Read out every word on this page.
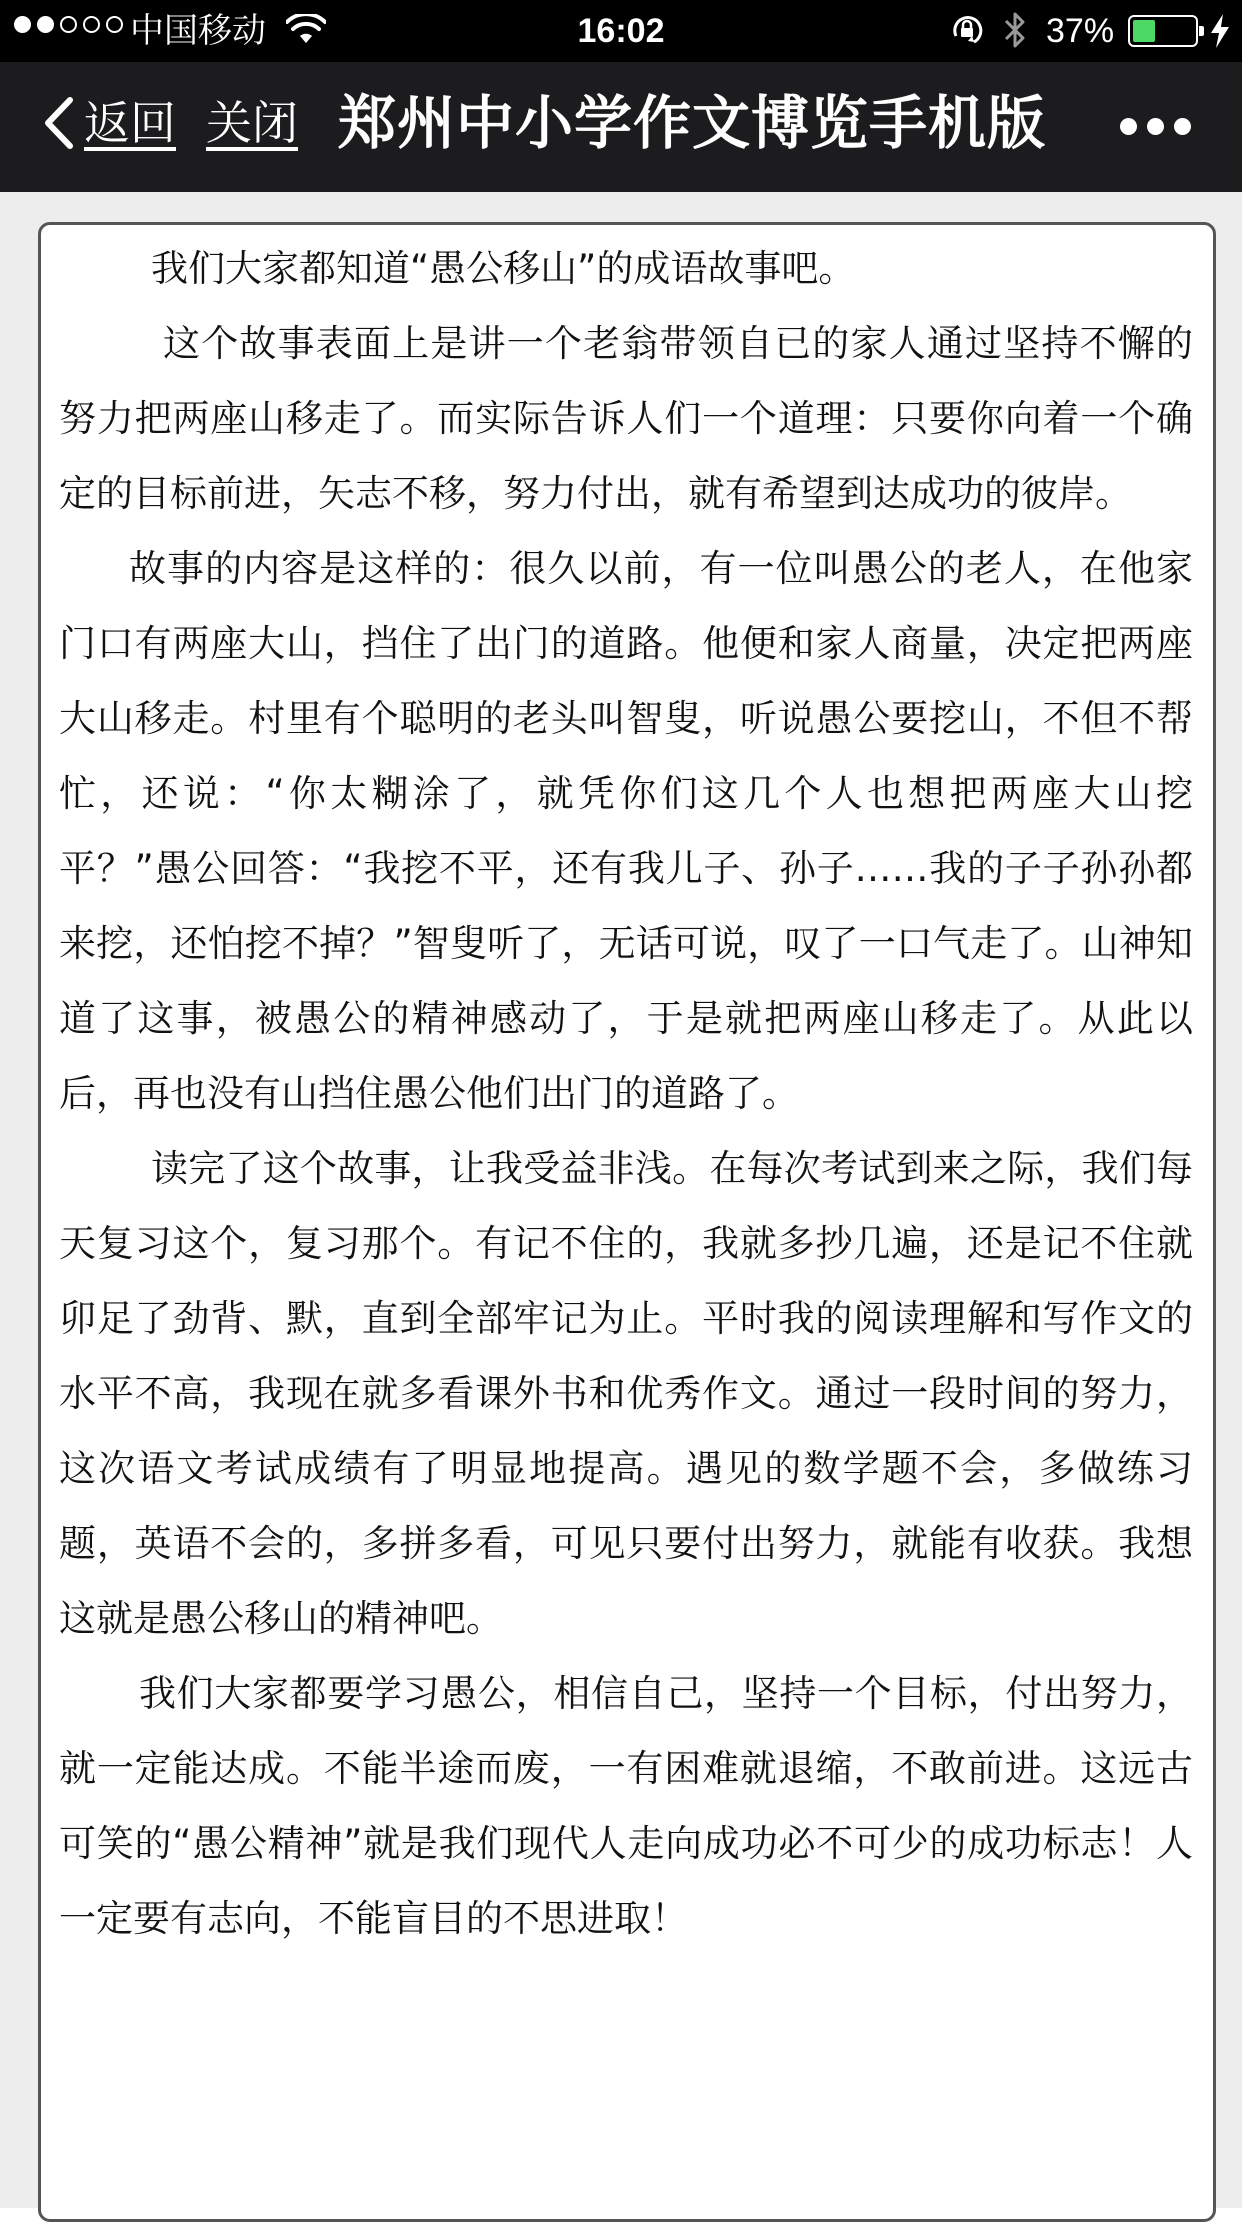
中国移动	16:02	37%
返回 关闭 郑州中小学作文博览手机版

我们大家都知道“愚公移山”的成语故事吧。

这个故事表面上是讲一个老翁带领自已的家人通过坚持不懈的努力把两座山移走了。而实际告诉人们一个道理：只要你向着一个确定的目标前进，矢志不移，努力付出，就有希望到达成功的彼岸。

故事的内容是这样的：很久以前，有一位叫愚公的老人，在他家门口有两座大山，挡住了出门的道路。他便和家人商量，决定把两座大山移走。村里有个聪明的老头叫智叟，听说愚公要挖山，不但不帮忙，还说：“你太糊涂了，就凭你们这几个人也想把两座大山挖平？”愚公回答：“我挖不平，还有我儿子、孙子……我的子子孙孙都来挖，还怕挖不掉？”智叟听了，无话可说，叹了一口气走了。山神知道了这事，被愚公的精神感动了，于是就把两座山移走了。从此以后，再也没有山挡住愚公他们出门的道路了。

读完了这个故事，让我受益非浅。在每次考试到来之际，我们每天复习这个，复习那个。有记不住的，我就多抄几遍，还是记不住就卯足了劲背、默，直到全部牢记为止。平时我的阅读理解和写作文的水平不高，我现在就多看课外书和优秀作文。通过一段时间的努力，这次语文考试成绩有了明显地提高。遇见的数学题不会，多做练习题，英语不会的，多拼多看，可见只要付出努力，就能有收获。我想这就是愚公移山的精神吧。

我们大家都要学习愚公，相信自己，坚持一个目标，付出努力，就一定能达成。不能半途而废，一有困难就退缩，不敢前进。这远古可笑的“愚公精神”就是我们现代人走向成功必不可少的成功标志！人一定要有志向，不能盲目的不思进取！
